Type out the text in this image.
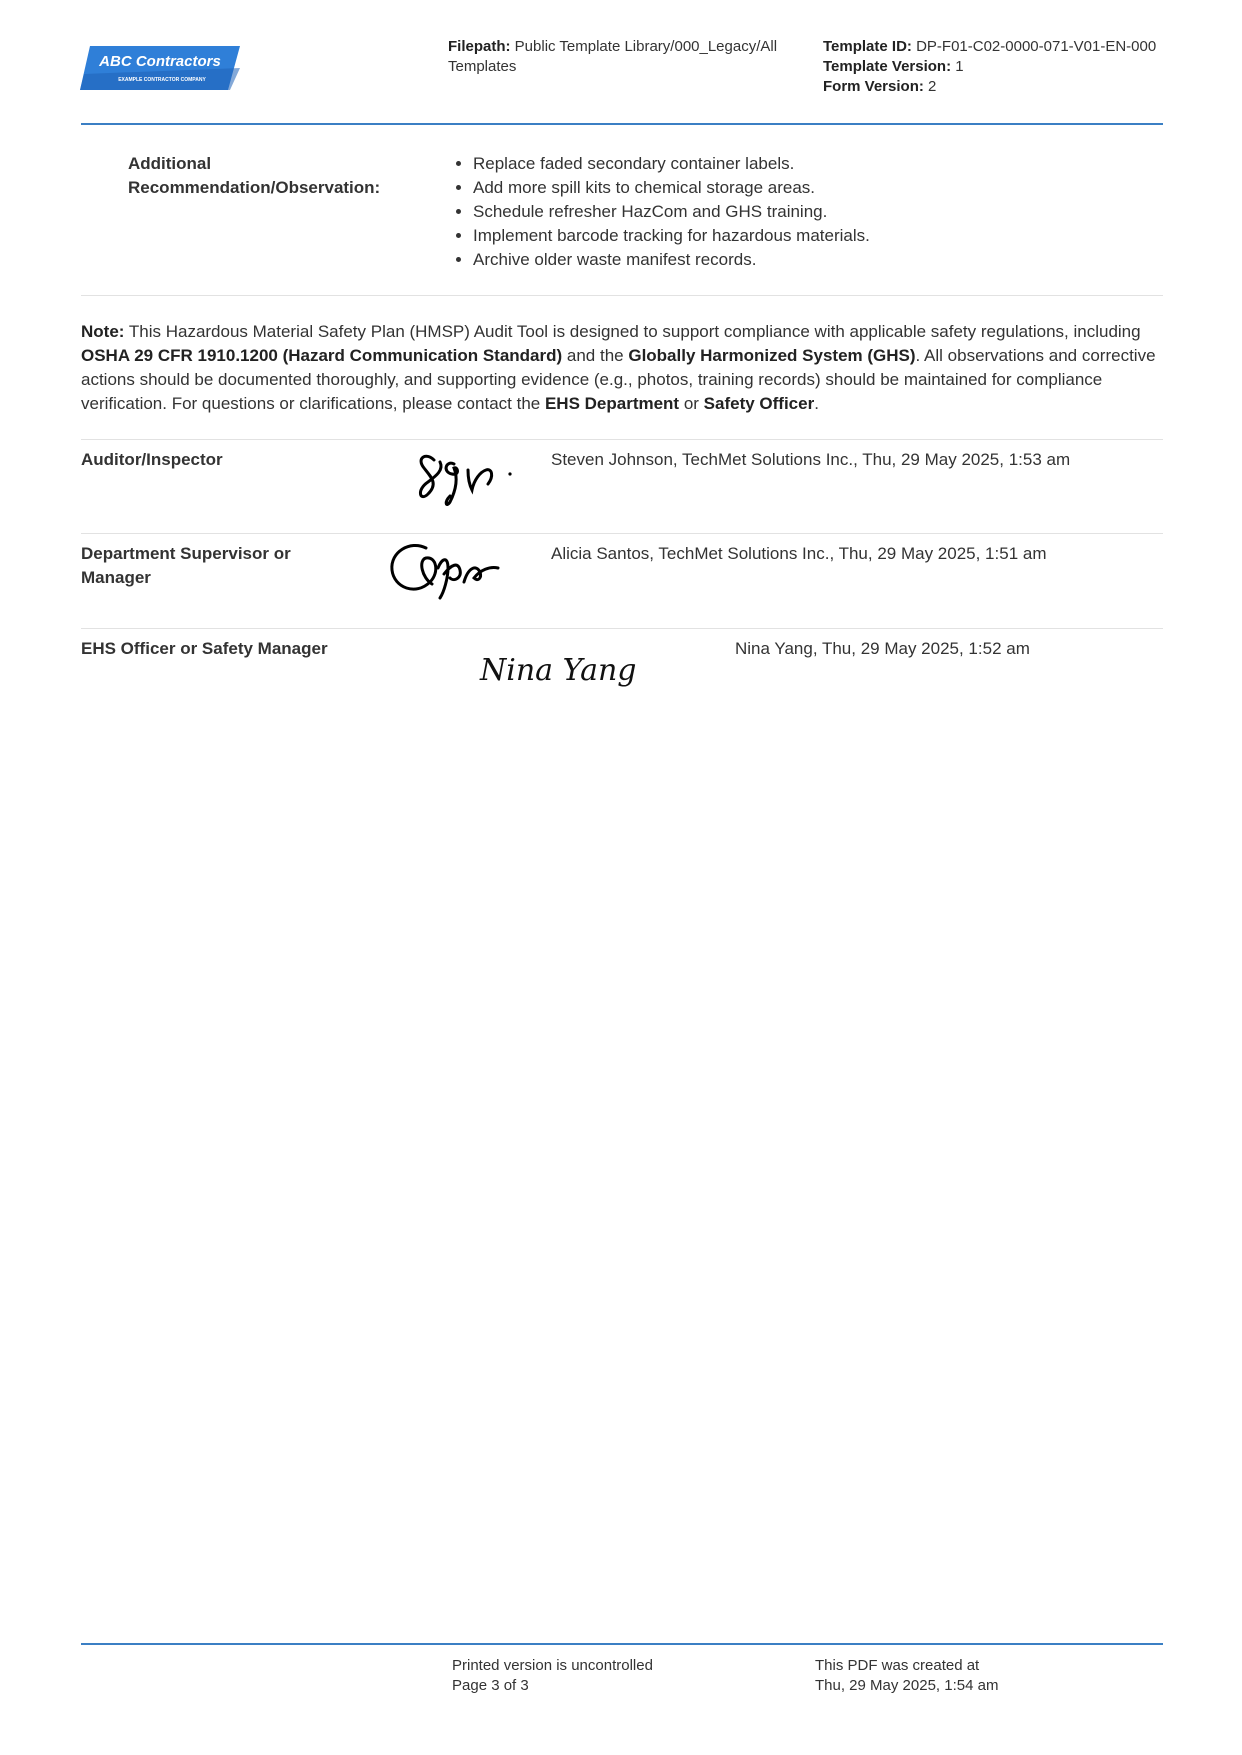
ABC Contractors
EXAMPLE CONTRACTOR COMPANY
Filepath: Public Template Library/000_Legacy/All Templates
Template ID: DP-F01-C02-0000-071-V01-EN-000
Template Version: 1
Form Version: 2
Additional Recommendation/Observation:
• Replace faded secondary container labels.
• Add more spill kits to chemical storage areas.
• Schedule refresher HazCom and GHS training.
• Implement barcode tracking for hazardous materials.
• Archive older waste manifest records.
Note: This Hazardous Material Safety Plan (HMSP) Audit Tool is designed to support compliance with applicable safety regulations, including OSHA 29 CFR 1910.1200 (Hazard Communication Standard) and the Globally Harmonized System (GHS). All observations and corrective actions should be documented thoroughly, and supporting evidence (e.g., photos, training records) should be maintained for compliance verification. For questions or clarifications, please contact the EHS Department or Safety Officer.
Auditor/Inspector	Steven Johnson, TechMet Solutions Inc., Thu, 29 May 2025, 1:53 am
Department Supervisor or Manager
Alicia Santos, TechMet Solutions Inc., Thu, 29 May 2025, 1:51 am
EHS Officer or Safety Manager
Nina Yang
Nina Yang, Thu, 29 May 2025, 1:52 am
Printed version is uncontrolled
Page 3 of 3
This PDF was created at
Thu, 29 May 2025, 1:54 am
